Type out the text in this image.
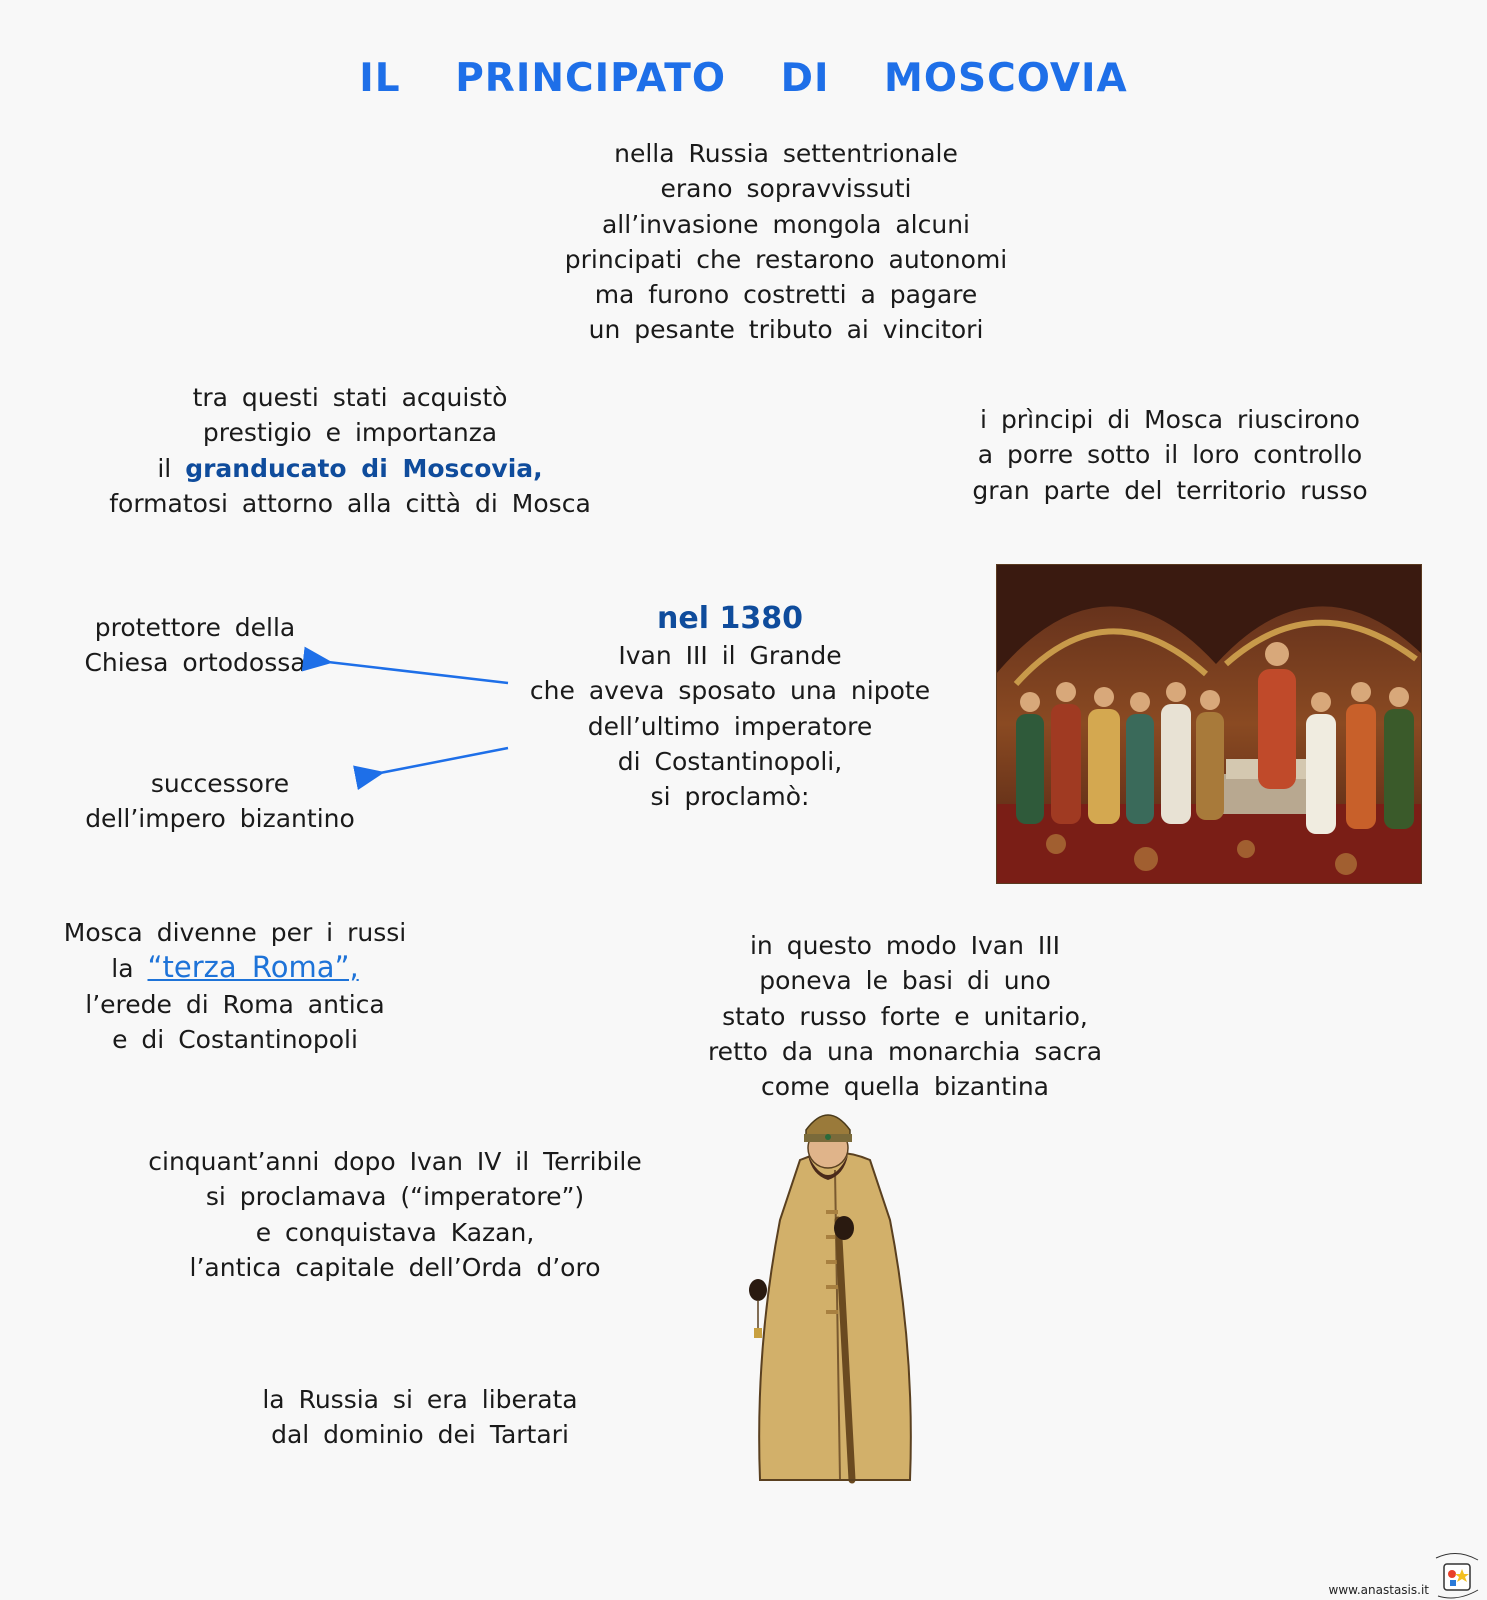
IL PRINCIPATO DI MOSCOVIA
nella Russia settentrionale
erano sopravvissuti
all’invasione mongola alcuni
principati che restarono autonomi
ma furono costretti a pagare
un pesante tributo ai vincitori
tra questi stati acquistò
prestigio e importanza
il granducato di Moscovia,
formatosi attorno alla città di Mosca
i prìncipi di Mosca riuscirono
a porre sotto il loro controllo
gran parte del territorio russo
nel 1380
Ivan III il Grande
che aveva sposato una nipote
dell’ultimo imperatore
di Costantinopoli,
si proclamò:
protettore della
Chiesa ortodossa
successore
dell’impero bizantino
Mosca divenne per i russi
la “terza Roma”,
l’erede di Roma antica
e di Costantinopoli
in questo modo Ivan III
poneva le basi di uno
stato russo forte e unitario,
retto da una monarchia sacra
come quella bizantina
cinquant’anni dopo Ivan IV il Terribile
si proclamava (“imperatore”)
e conquistava Kazan,
l’antica capitale dell’Orda d’oro
la Russia si era liberata
dal dominio dei Tartari
www.anastasis.it
